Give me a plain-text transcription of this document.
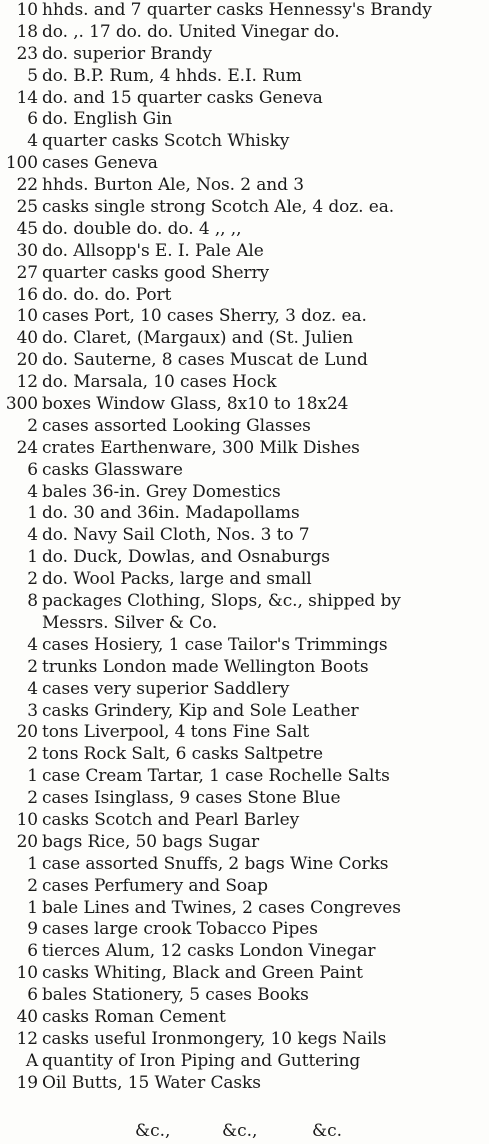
10 hhds. and 7 quarter casks Hennessy's Brandy
18 do. ,. 17 do. do. United Vinegar do.
23 do. superior Brandy
5 do. B.P. Rum, 4 hhds. E.I. Rum
14 do. and 15 quarter casks Geneva
6 do. English Gin
4 quarter casks Scotch Whisky
100 cases Geneva
22 hhds. Burton Ale, Nos. 2 and 3
25 casks single strong Scotch Ale, 4 doz. ea.
45 do. double do. do. 4 ,, ,,
30 do. Allsopp's E. I. Pale Ale
27 quarter casks good Sherry
16 do. do. do. Port
10 cases Port, 10 cases Sherry, 3 doz. ea.
40 do. Claret, (Margaux) and (St. Julien
20 do. Sauterne, 8 cases Muscat de Lund
12 do. Marsala, 10 cases Hock
300 boxes Window Glass, 8x10 to 18x24
2 cases assorted Looking Glasses
24 crates Earthenware, 300 Milk Dishes
6 casks Glassware
4 bales 36-in. Grey Domestics
1 do. 30 and 36in. Madapollams
4 do. Navy Sail Cloth, Nos. 3 to 7
1 do. Duck, Dowlas, and Osnaburgs
2 do. Wool Packs, large and small
8 packages Clothing, Slops, &c., shipped by
Messrs. Silver & Co.
4 cases Hosiery, 1 case Tailor's Trimmings
2 trunks London made Wellington Boots
4 cases very superior Saddlery
3 casks Grindery, Kip and Sole Leather
20 tons Liverpool, 4 tons Fine Salt
2 tons Rock Salt, 6 casks Saltpetre
1 case Cream Tartar, 1 case Rochelle Salts
2 cases Isinglass, 9 cases Stone Blue
10 casks Scotch and Pearl Barley
20 bags Rice, 50 bags Sugar
1 case assorted Snuffs, 2 bags Wine Corks
2 cases Perfumery and Soap
1 bale Lines and Twines, 2 cases Congreves
9 cases large crook Tobacco Pipes
6 tierces Alum, 12 casks London Vinegar
10 casks Whiting, Black and Green Paint
6 bales Stationery, 5 cases Books
40 casks Roman Cement
12 casks useful Ironmongery, 10 kegs Nails
A quantity of Iron Piping and Guttering
19 Oil Butts, 15 Water Casks
&c.,	&c.,	&c.
